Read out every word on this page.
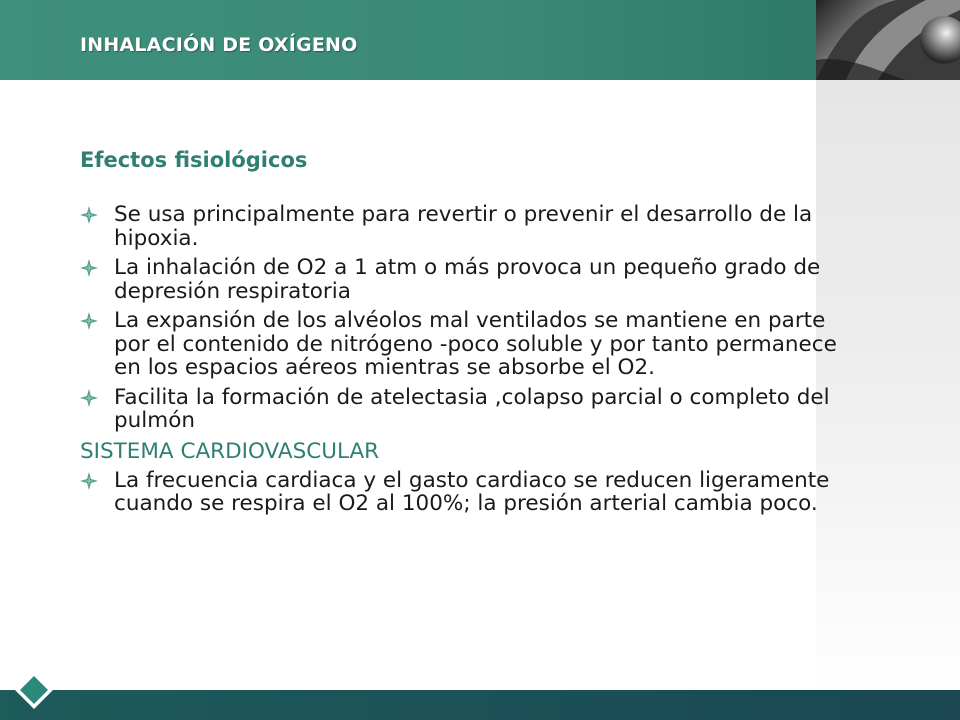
INHALACIÓN DE OXÍGENO
Efectos fisiológicos
Se usa principalmente para revertir o prevenir el desarrollo de la hipoxia.
La inhalación de O2 a 1 atm o más provoca un pequeño grado de depresión respiratoria
La expansión de los alvéolos mal ventilados se mantiene en parte por el contenido de nitrógeno -poco soluble y por tanto permanece en los espacios aéreos mientras se absorbe el O2.
Facilita la formación de atelectasia ,colapso parcial o completo del pulmón
SISTEMA CARDIOVASCULAR
La frecuencia cardiaca y el gasto cardiaco se reducen ligeramente cuando se respira el O2 al 100%; la presión arterial cambia poco.
